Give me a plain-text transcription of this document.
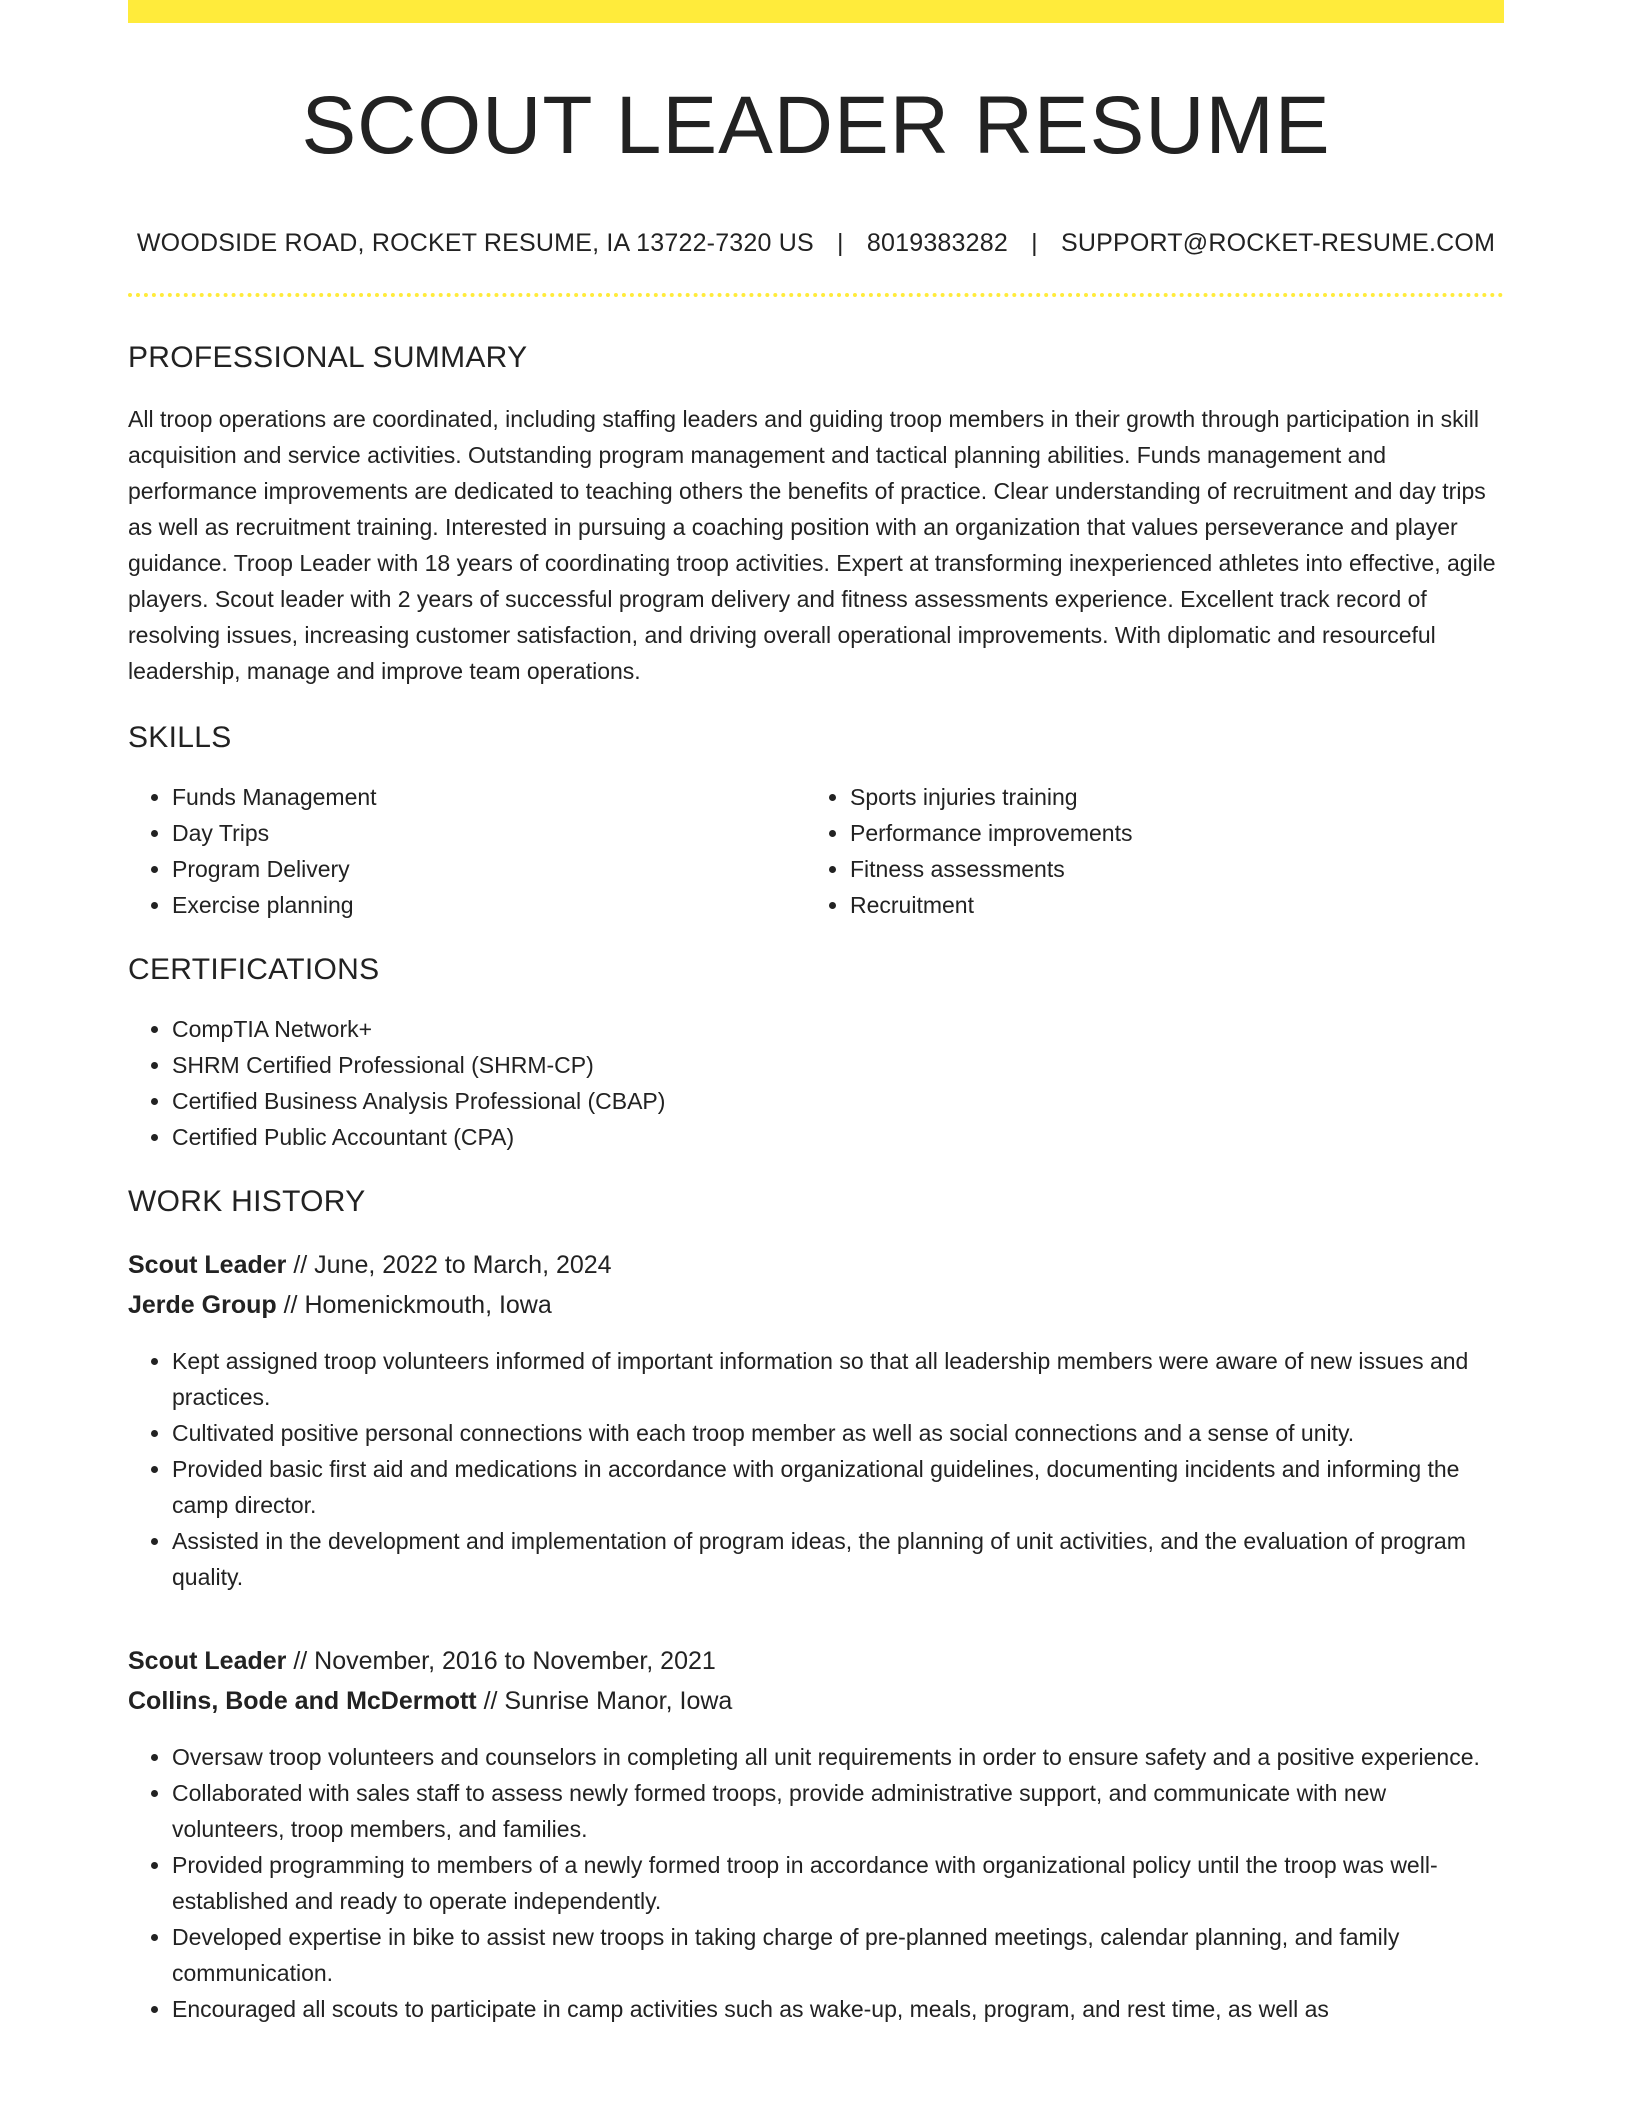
SCOUT LEADER RESUME
WOODSIDE ROAD, ROCKET RESUME, IA 13722-7320 US | 8019383282 | SUPPORT@ROCKET-RESUME.COM
PROFESSIONAL SUMMARY

All troop operations are coordinated, including staffing leaders and guiding troop members in their growth through participation in skill acquisition and service activities. Outstanding program management and tactical planning abilities. Funds management and performance improvements are dedicated to teaching others the benefits of practice. Clear understanding of recruitment and day trips as well as recruitment training. Interested in pursuing a coaching position with an organization that values perseverance and player guidance. Troop Leader with 18 years of coordinating troop activities. Expert at transforming inexperienced athletes into effective, agile players. Scout leader with 2 years of successful program delivery and fitness assessments experience. Excellent track record of resolving issues, increasing customer satisfaction, and driving overall operational improvements. With diplomatic and resourceful leadership, manage and improve team operations.

SKILLS
• Funds Management
• Day Trips
• Program Delivery
• Exercise planning
• Sports injuries training
• Performance improvements
• Fitness assessments
• Recruitment
CERTIFICATIONS
• CompTIA Network+
• SHRM Certified Professional (SHRM-CP)
• Certified Business Analysis Professional (CBAP)
• Certified Public Accountant (CPA)
WORK HISTORY
Scout Leader // June, 2022 to March, 2024
Jerde Group // Homenickmouth, Iowa
• Kept assigned troop volunteers informed of important information so that all leadership members were aware of new issues and practices.
• Cultivated positive personal connections with each troop member as well as social connections and a sense of unity.
• Provided basic first aid and medications in accordance with organizational guidelines, documenting incidents and informing the camp director.
• Assisted in the development and implementation of program ideas, the planning of unit activities, and the evaluation of program quality.
Scout Leader // November, 2016 to November, 2021
Collins, Bode and McDermott // Sunrise Manor, Iowa
• Oversaw troop volunteers and counselors in completing all unit requirements in order to ensure safety and a positive experience.
• Collaborated with sales staff to assess newly formed troops, provide administrative support, and communicate with new volunteers, troop members, and families.
• Provided programming to members of a newly formed troop in accordance with organizational policy until the troop was well-established and ready to operate independently.
• Developed expertise in bike to assist new troops in taking charge of pre-planned meetings, calendar planning, and family communication.
• Encouraged all scouts to participate in camp activities such as wake-up, meals, program, and rest time, as well as
